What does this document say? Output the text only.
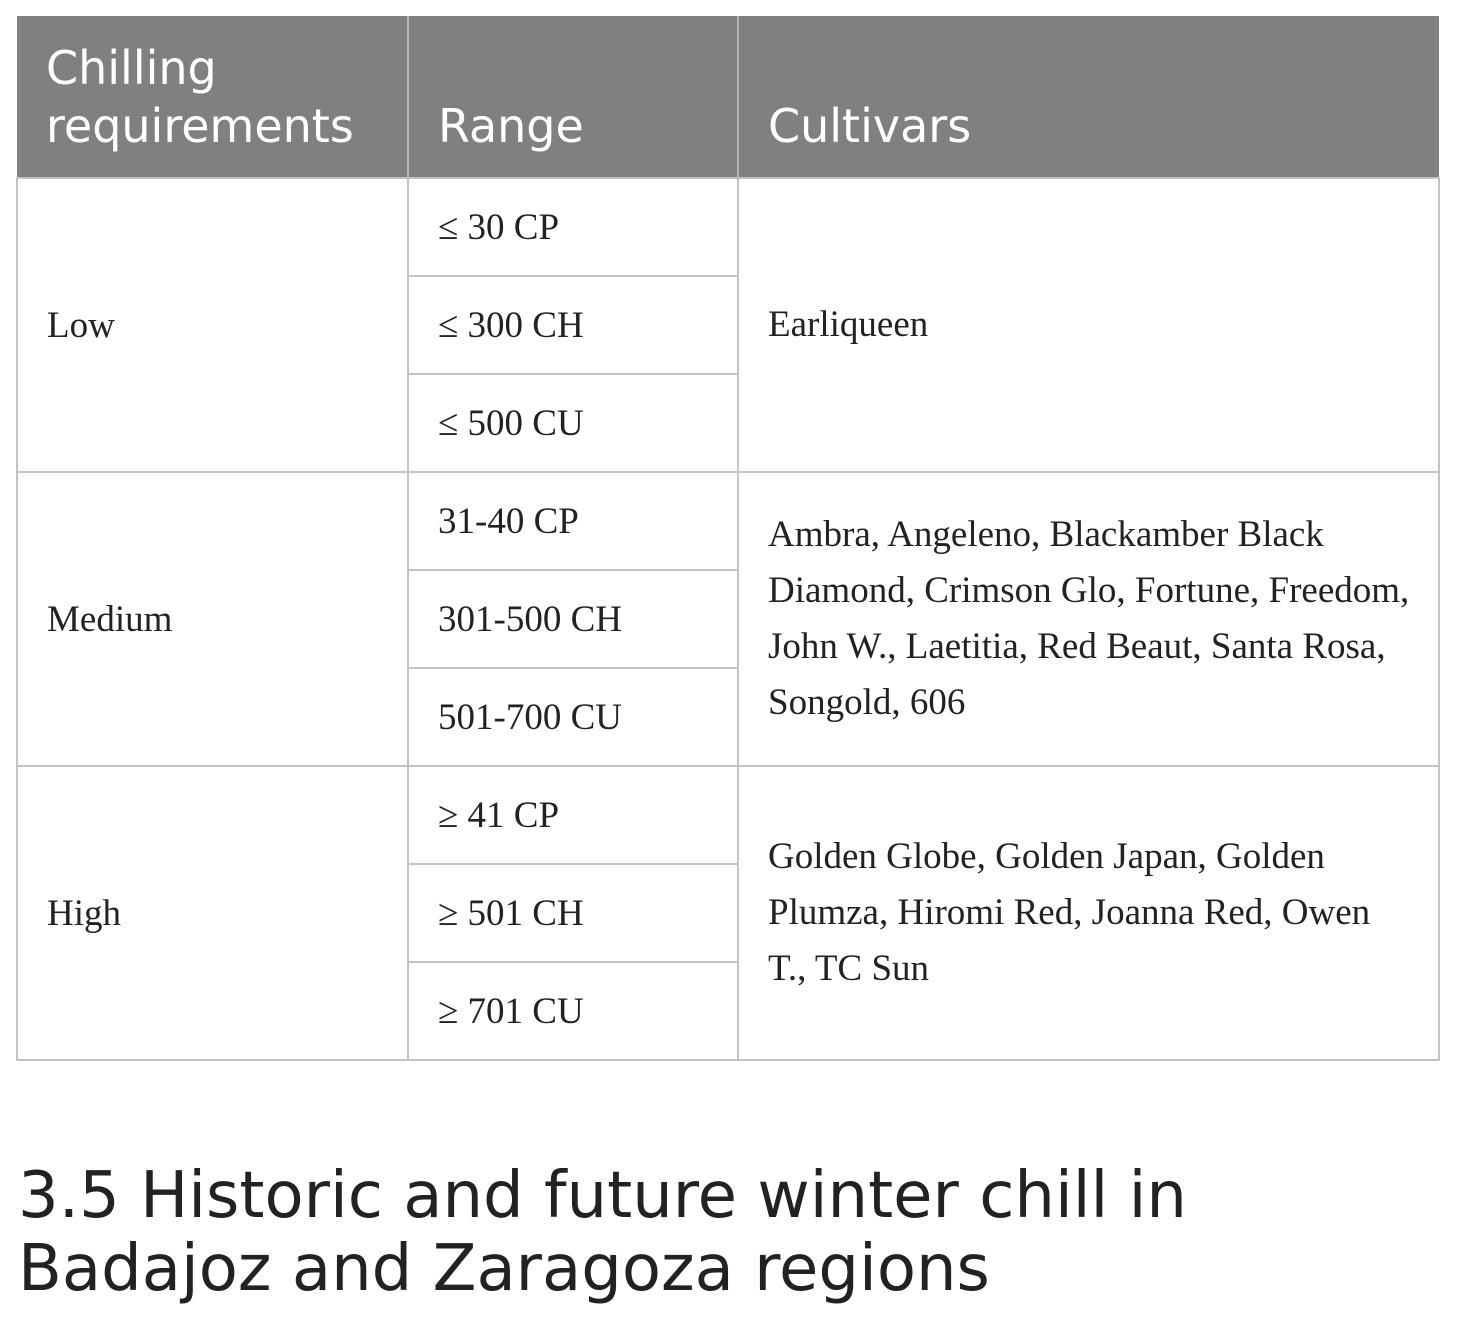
Chilling requirements	Range	Cultivars
Low	≤ 30 CP	Earliqueen
	≤ 300 CH	
	≤ 500 CU	
Medium	31-40 CP	Ambra, Angeleno, Blackamber Black Diamond, Crimson Glo, Fortune, Freedom, John W., Laetitia, Red Beaut, Santa Rosa, Songold, 606
	301-500 CH	
	501-700 CU	
High	≥ 41 CP	Golden Globe, Golden Japan, Golden Plumza, Hiromi Red, Joanna Red, Owen T., TC Sun
	≥ 501 CH	
	≥ 701 CU	
3.5 Historic and future winter chill in Badajoz and Zaragoza regions
